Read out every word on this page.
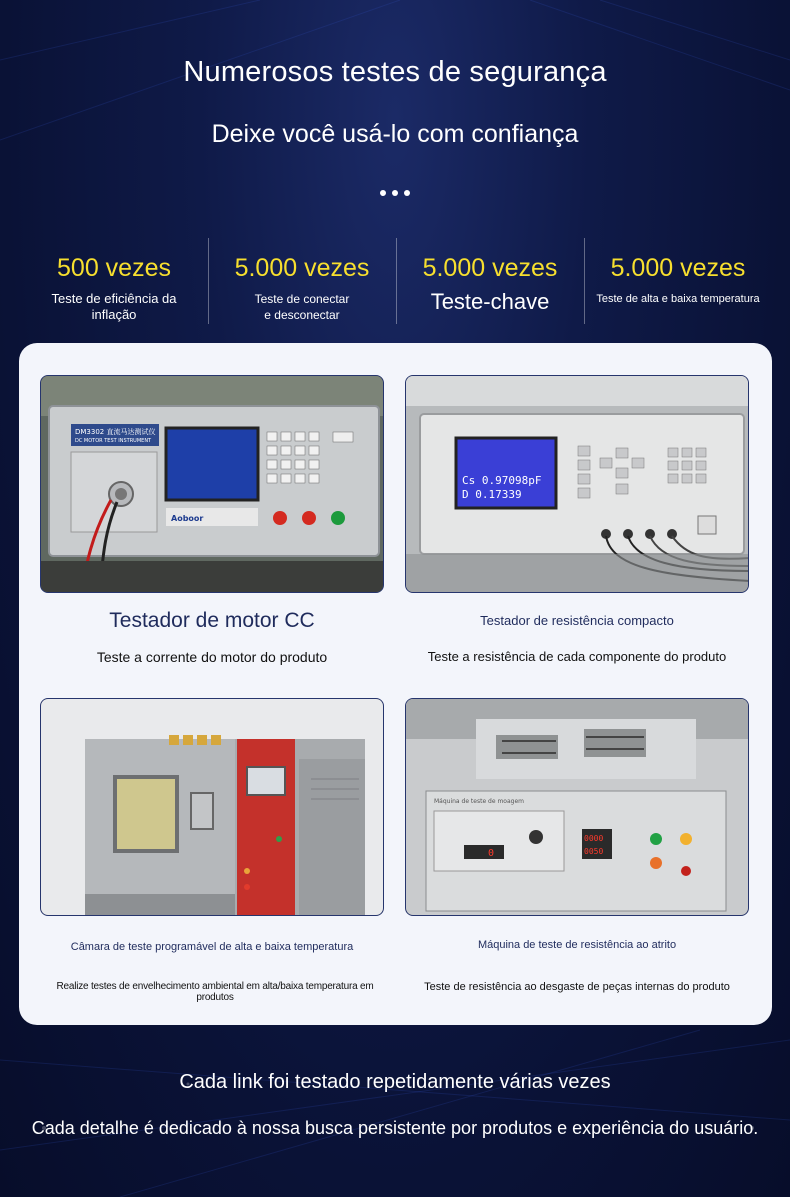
Numerosos testes de segurança
Deixe você usá-lo com confiança
500 vezes
Teste de eficiência da inflação
5.000 vezes
Teste de conectar e desconectar
5.000 vezes
Teste-chave
5.000 vezes
Teste de alta e baixa temperatura
DM3302 直流马达测试仪
DC MOTOR TEST INSTRUMENT
Aoboor
Testador de motor CC
Teste a corrente do motor do produto
Cs 0.97098pF
D 0.17339
Testador de resistência compacto
Teste a resistência de cada componente do produto
Câmara de teste programável de alta e baixa temperatura
Realize testes de envelhecimento ambiental em alta/baixa temperatura em produtos
Máquina de teste de moagem
0
0000
0050
Máquina de teste de resistência ao atrito
Teste de resistência ao desgaste de peças internas do produto
Cada link foi testado repetidamente várias vezes
Cada detalhe é dedicado à nossa busca persistente por produtos e experiência do usuário.
